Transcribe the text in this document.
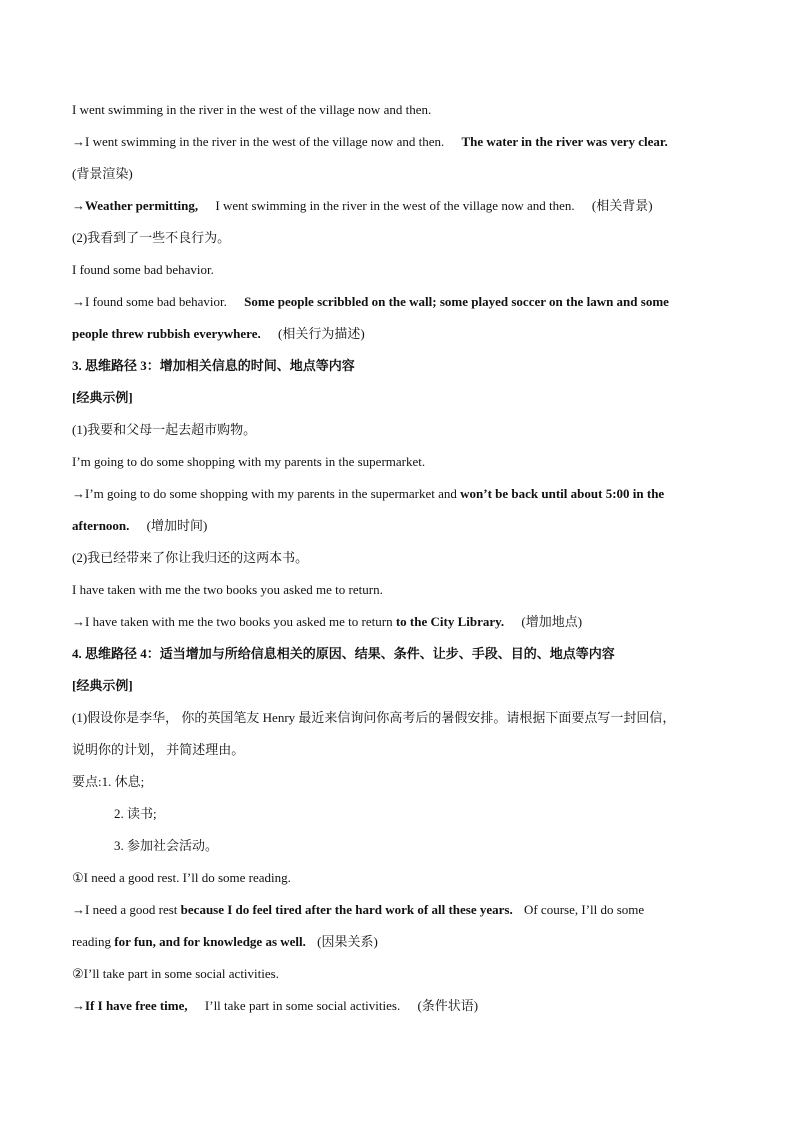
I went swimming in the river in the west of the village now and then.
→I went swimming in the river in the west of the village now and then. The water in the river was very clear.
(背景渲染)
→Weather permitting, I went swimming in the river in the west of the village now and then. (相关背景)
(2)我看到了一些不良行为。
I found some bad behavior.
→I found some bad behavior. Some people scribbled on the wall; some played soccer on the lawn and some
people threw rubbish everywhere. (相关行为描述)
3. 思维路径 3：增加相关信息的时间、地点等内容
[经典示例]
(1)我要和父母一起去超市购物。
I’m going to do some shopping with my parents in the supermarket.
→I’m going to do some shopping with my parents in the supermarket and won’t be back until about 5:00 in the
afternoon. (增加时间)
(2)我已经带来了你让我归还的这两本书。
I have taken with me the two books you asked me to return.
→I have taken with me the two books you asked me to return to the City Library. (增加地点)
4. 思维路径 4：适当增加与所给信息相关的原因、结果、条件、让步、手段、目的、地点等内容
[经典示例]
(1)假设你是李华， 你的英国笔友 Henry 最近来信询问你高考后的暑假安排。请根据下面要点写一封回信，
说明你的计划， 并简述理由。
要点:1. 休息;
2. 读书;
3. 参加社会活动。
①I need a good rest. I’ll do some reading.
→I need a good rest because I do feel tired after the hard work of all these years. Of course, I’ll do some
reading for fun, and for knowledge as well. (因果关系)
②I’ll take part in some social activities.
→If I have free time, I’ll take part in some social activities. (条件状语)
